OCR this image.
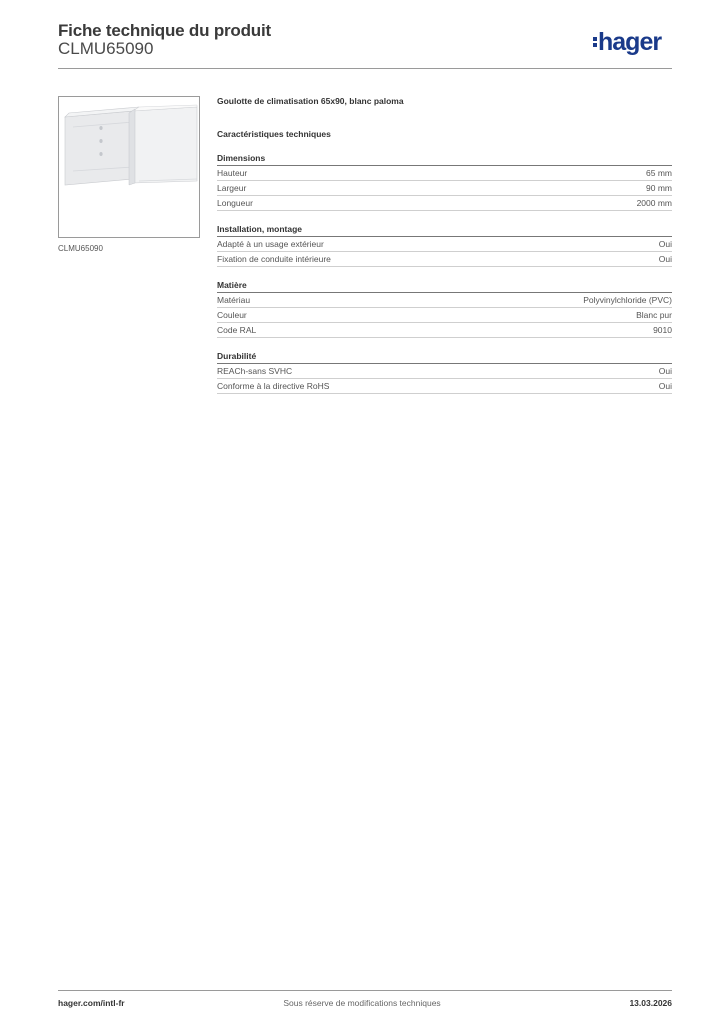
Fiche technique du produit
CLMU65090	hager
CLMU65090

Goulotte de climatisation 65x90, blanc paloma

Caractéristiques techniques

Dimensions
Hauteur	65 mm
Largeur	90 mm
Longueur	2000 mm
Installation, montage
Adapté à un usage extérieur	Oui
Fixation de conduite intérieure	Oui
Matière
Matériau	Polyvinylchloride (PVC)
Couleur	Blanc pur
Code RAL	9010
Durabilité
REACh-sans SVHC	Oui
Conforme à la directive RoHS	Oui
hager.com/intl-fr	Sous réserve de modifications techniques	13.03.2026
